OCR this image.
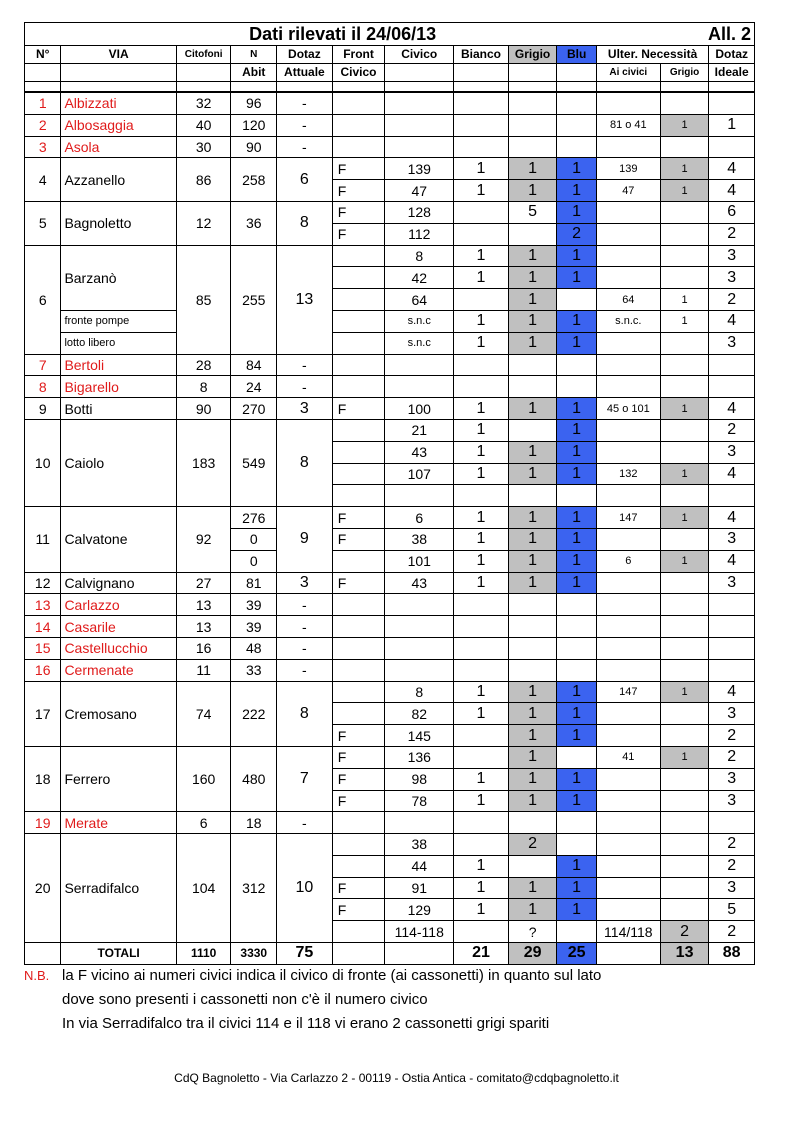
Dati rilevati il 24/06/13											All. 2	
N°	VIA	Citofoni	N	Dotaz	Front	Civico	Bianco	Grigio	Blu	Ulter. Necessità		Dotaz
			Abit	Attuale	Civico					Ai civici	Grigio	Ideale

1	Albizzati	32	96	-								
2	Albosaggia	40	120	-						81 o 41	1	1
3	Asola	30	90	-								
4	Azzanello	86	258	6	F	139	1	1	1	139	1	4
					F	47	1	1	1	47	1	4
5	Bagnoletto	12	36	8	F	128		5	1			6
					F	112			2			2
6	Barzanò	85	255	13		8	1	1	1			3
						42	1	1	1			3
						64		1		64	1	2
	fronte pompe					s.n.c	1	1	1	s.n.c.	1	4
	lotto libero					s.n.c	1	1	1			3
7	Bertoli	28	84	-								
8	Bigarello	8	24	-								
9	Botti	90	270	3	F	100	1	1	1	45 o 101	1	4
10	Caiolo	183	549	8		21	1		1			2
						43	1	1	1			3
						107	1	1	1	132	1	4

11	Calvatone	92	276	9	F	6	1	1	1	147	1	4
			0		F	38	1	1	1			3
			0			101	1	1	1	6	1	4
12	Calvignano	27	81	3	F	43	1	1	1			3
13	Carlazzo	13	39	-								
14	Casarile	13	39	-								
15	Castellucchio	16	48	-								
16	Cermenate	11	33	-								
17	Cremosano	74	222	8		8	1	1	1	147	1	4
						82	1	1	1			3
					F	145		1	1			2
18	Ferrero	160	480	7	F	136		1		41	1	2
					F	98	1	1	1			3
					F	78	1	1	1			3
19	Merate	6	18	-								
20	Serradifalco	104	312	10		38		2				2
						44	1		1			2
					F	91	1	1	1			3
					F	129	1	1	1			5
						114-118		?		114/118	2	2
	TOTALI	1110	3330	75			21	29	25		13	88
N.B. la F vicino ai numeri civici indica il civico di fronte (ai cassonetti) in quanto sul lato
dove sono presenti i cassonetti non c'è il numero civico
In via Serradifalco tra il civici 114 e il 118 vi erano 2 cassonetti grigi spariti
CdQ Bagnoletto - Via Carlazzo 2 - 00119 - Ostia Antica - comitato@cdqbagnoletto.it
